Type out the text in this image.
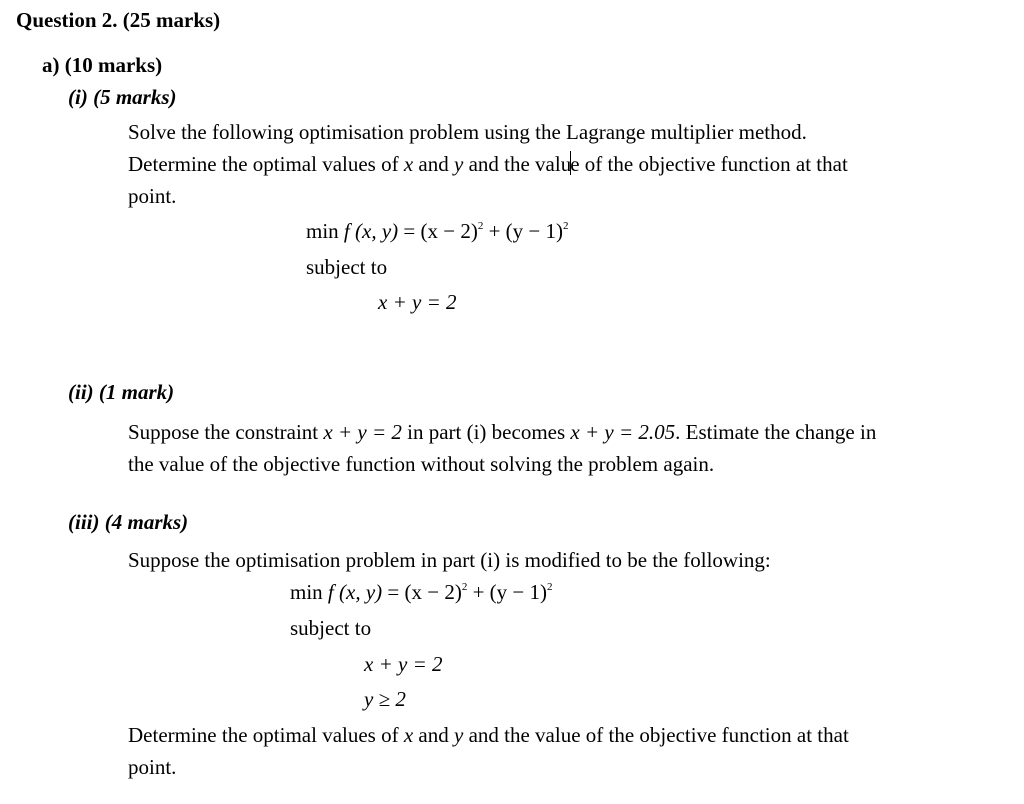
Question 2. (25 marks)
a) (10 marks)
(i) (5 marks)
Solve the following optimisation problem using the Lagrange multiplier method.
Determine the optimal values of x and y and the value of the objective function at that
point.
min f (x, $y) = (x - 2)^2 + (y - 1)^2$
subject to
x + y = 2
(ii) (1 mark)
Suppose the constraint x + y = 2 in part (i) becomes x + y = 2.05. Estimate the change in
the value of the objective function without solving the problem again.
(iii) (4 marks)
Suppose the optimisation problem in part (i) is modified to be the following:
min f (x, $y) = (x - 2)^2 + (y - 1)^2$
subject to
x + y = 2
y ≥ 2
Determine the optimal values of x and y and the value of the objective function at that
point.
